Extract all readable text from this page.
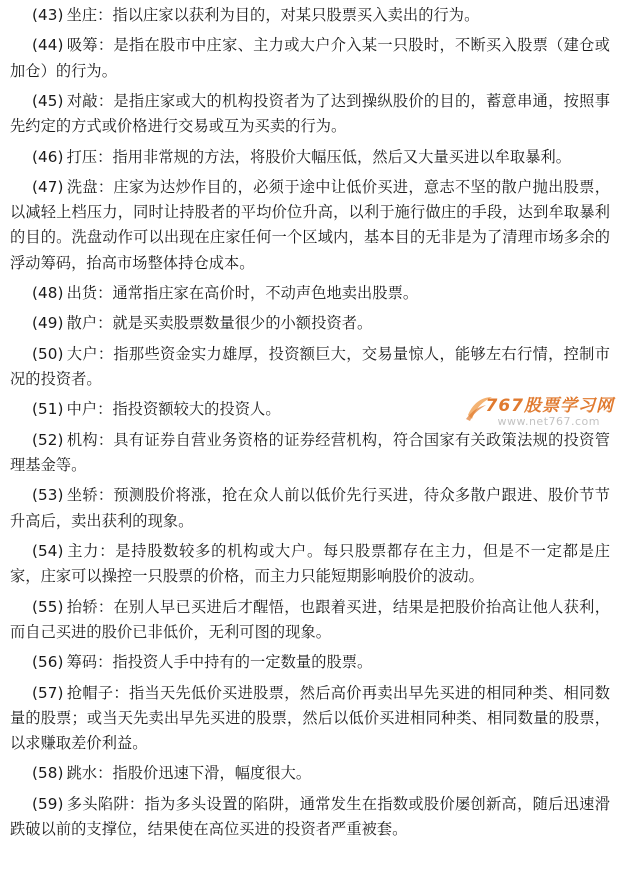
(43) 坐庄：指以庄家以获利为目的，对某只股票买入卖出的行为。

(44) 吸筹：是指在股市中庄家、主力或大户介入某一只股时，不断买入股票（建仓或加仓）的行为。

(45) 对敲：是指庄家或大的机构投资者为了达到操纵股价的目的，蓄意串通，按照事先约定的方式或价格进行交易或互为买卖的行为。

(46) 打压：指用非常规的方法，将股价大幅压低，然后又大量买进以牟取暴利。

(47) 洗盘：庄家为达炒作目的，必须于途中让低价买进，意志不坚的散户抛出股票，以减轻上档压力，同时让持股者的平均价位升高，以利于施行做庄的手段，达到牟取暴利的目的。洗盘动作可以出现在庄家任何一个区域内，基本目的无非是为了清理市场多余的浮动筹码，抬高市场整体持仓成本。

(48) 出货：通常指庄家在高价时，不动声色地卖出股票。

(49) 散户：就是买卖股票数量很少的小额投资者。

(50) 大户：指那些资金实力雄厚，投资额巨大，交易量惊人，能够左右行情，控制市况的投资者。

(51) 中户：指投资额较大的投资人。

(52) 机构：具有证券自营业务资格的证券经营机构，符合国家有关政策法规的投资管理基金等。

(53) 坐轿：预测股价将涨，抢在众人前以低价先行买进，待众多散户跟进、股价节节升高后，卖出获利的现象。

(54) 主力：是持股数较多的机构或大户。每只股票都存在主力，但是不一定都是庄家，庄家可以操控一只股票的价格，而主力只能短期影响股价的波动。

(55) 抬轿：在别人早已买进后才醒悟，也跟着买进，结果是把股价抬高让他人获利，而自己买进的股价已非低价，无利可图的现象。

(56) 筹码：指投资人手中持有的一定数量的股票。

(57) 抢帽子：指当天先低价买进股票，然后高价再卖出早先买进的相同种类、相同数量的股票；或当天先卖出早先买进的股票，然后以低价买进相同种类、相同数量的股票，以求赚取差价利益。

(58) 跳水：指股价迅速下滑，幅度很大。

(59) 多头陷阱：指为多头设置的陷阱，通常发生在指数或股价屡创新高，随后迅速滑跌破以前的支撑位，结果使在高位买进的投资者严重被套。

767股票学习网
www.net767.com
